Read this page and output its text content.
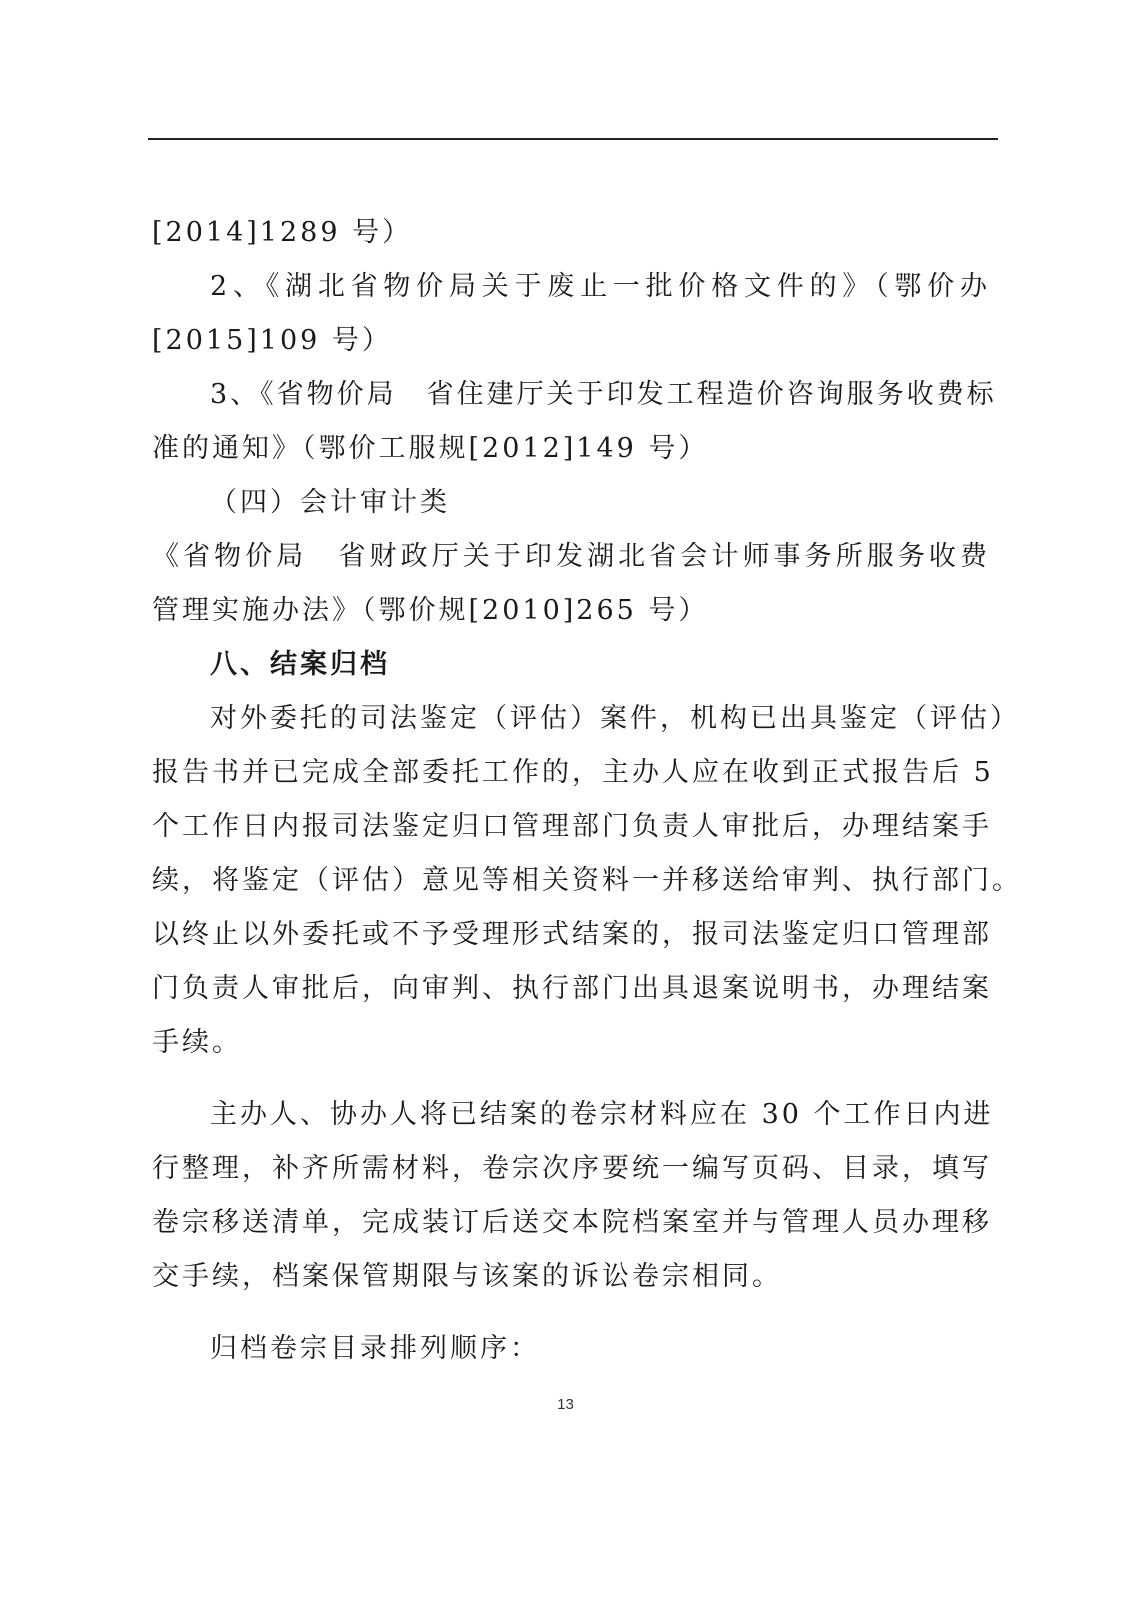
[2014]1289 号）
2、《湖北省物价局关于废止一批价格文件的》（鄂价办
[2015]109 号）
3、《省物价局　省住建厅关于印发工程造价咨询服务收费标
准的通知》（鄂价工服规[2012]149 号）
（四）会计审计类
《省物价局　省财政厅关于印发湖北省会计师事务所服务收费
管理实施办法》（鄂价规[2010]265 号）
八、结案归档
对外委托的司法鉴定（评估）案件，机构已出具鉴定（评估）
报告书并已完成全部委托工作的，主办人应在收到正式报告后 5
个工作日内报司法鉴定归口管理部门负责人审批后，办理结案手
续，将鉴定（评估）意见等相关资料一并移送给审判、执行部门。
以终止以外委托或不予受理形式结案的，报司法鉴定归口管理部
门负责人审批后，向审判、执行部门出具退案说明书，办理结案
手续。
主办人、协办人将已结案的卷宗材料应在 30 个工作日内进
行整理，补齐所需材料，卷宗次序要统一编写页码、目录，填写
卷宗移送清单，完成装订后送交本院档案室并与管理人员办理移
交手续，档案保管期限与该案的诉讼卷宗相同。
归档卷宗目录排列顺序：
13
